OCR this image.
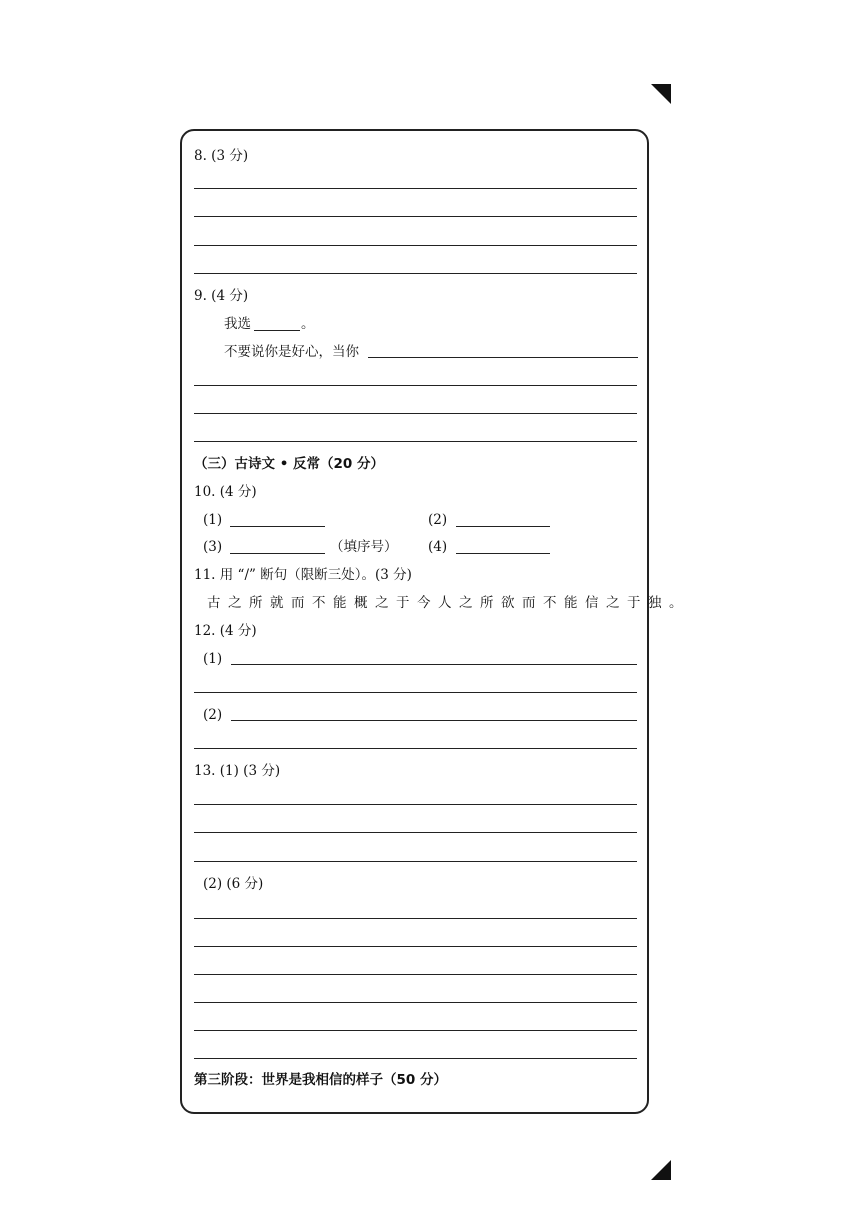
8. (3 分)
9. (4 分)
我选	。
不要说你是好心，当你
（三）古诗文 • 反常（20 分）
10. (4 分)
(1)	(2)
(3)	（填序号） (4)
11. 用 “/” 断句（限断三处）。(3 分)
古之所就而不能概之于今人之所欲而不能信之于独。
12. (4 分)
(1)
(2)
13. (1) (3 分)
(2) (6 分)
第三阶段：世界是我相信的样子（50 分）
